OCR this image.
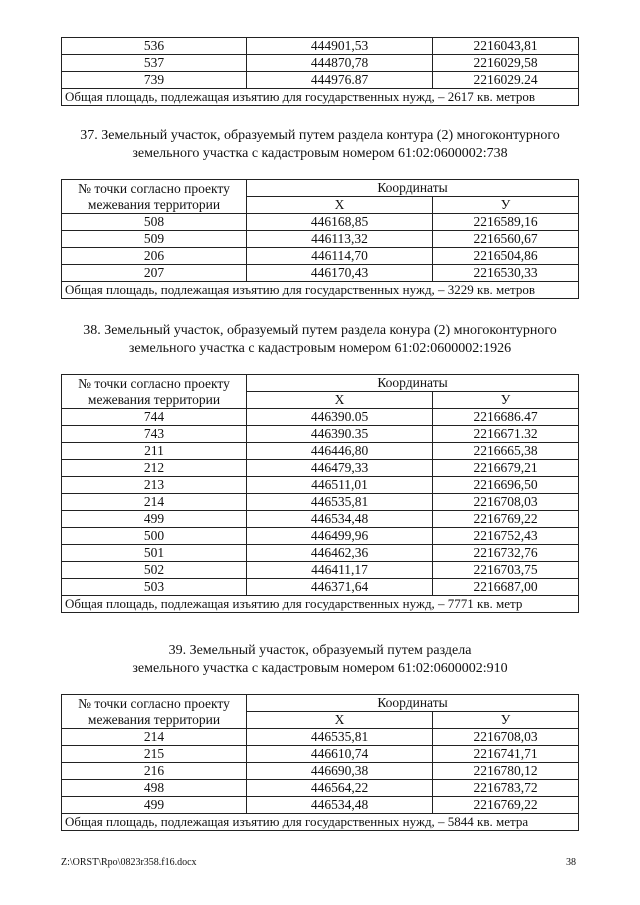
536	444901,53	2216043,81
537	444870,78	2216029,58
739	444976.87	2216029.24
Общая площадь, подлежащая изъятию для государственных нужд, – 2617 кв. метров		
37. Земельный участок, образуемый путем раздела контура (2) многоконтурного
земельного участка с кадастровым номером 61:02:0600002:738
№ точки согласно проекту
межевания территории	Координаты	
	X	У
508	446168,85	2216589,16
509	446113,32	2216560,67
206	446114,70	2216504,86
207	446170,43	2216530,33
Общая площадь, подлежащая изъятию для государственных нужд, – 3229 кв. метров		
38. Земельный участок, образуемый путем раздела конура (2) многоконтурного
земельного участка с кадастровым номером 61:02:0600002:1926
№ точки согласно проекту
межевания территории	Координаты	
	X	У
744	446390.05	2216686.47
743	446390.35	2216671.32
211	446446,80	2216665,38
212	446479,33	2216679,21
213	446511,01	2216696,50
214	446535,81	2216708,03
499	446534,48	2216769,22
500	446499,96	2216752,43
501	446462,36	2216732,76
502	446411,17	2216703,75
503	446371,64	2216687,00
Общая площадь, подлежащая изъятию для государственных нужд, – 7771 кв. метр		
39. Земельный участок, образуемый путем раздела
земельного участка с кадастровым номером 61:02:0600002:910
№ точки согласно проекту
межевания территории	Координаты	
	X	У
214	446535,81	2216708,03
215	446610,74	2216741,71
216	446690,38	2216780,12
498	446564,22	2216783,72
499	446534,48	2216769,22
Общая площадь, подлежащая изъятию для государственных нужд, – 5844 кв. метра		
Z:\ORST\Rpo\0823r358.f16.docx	38
